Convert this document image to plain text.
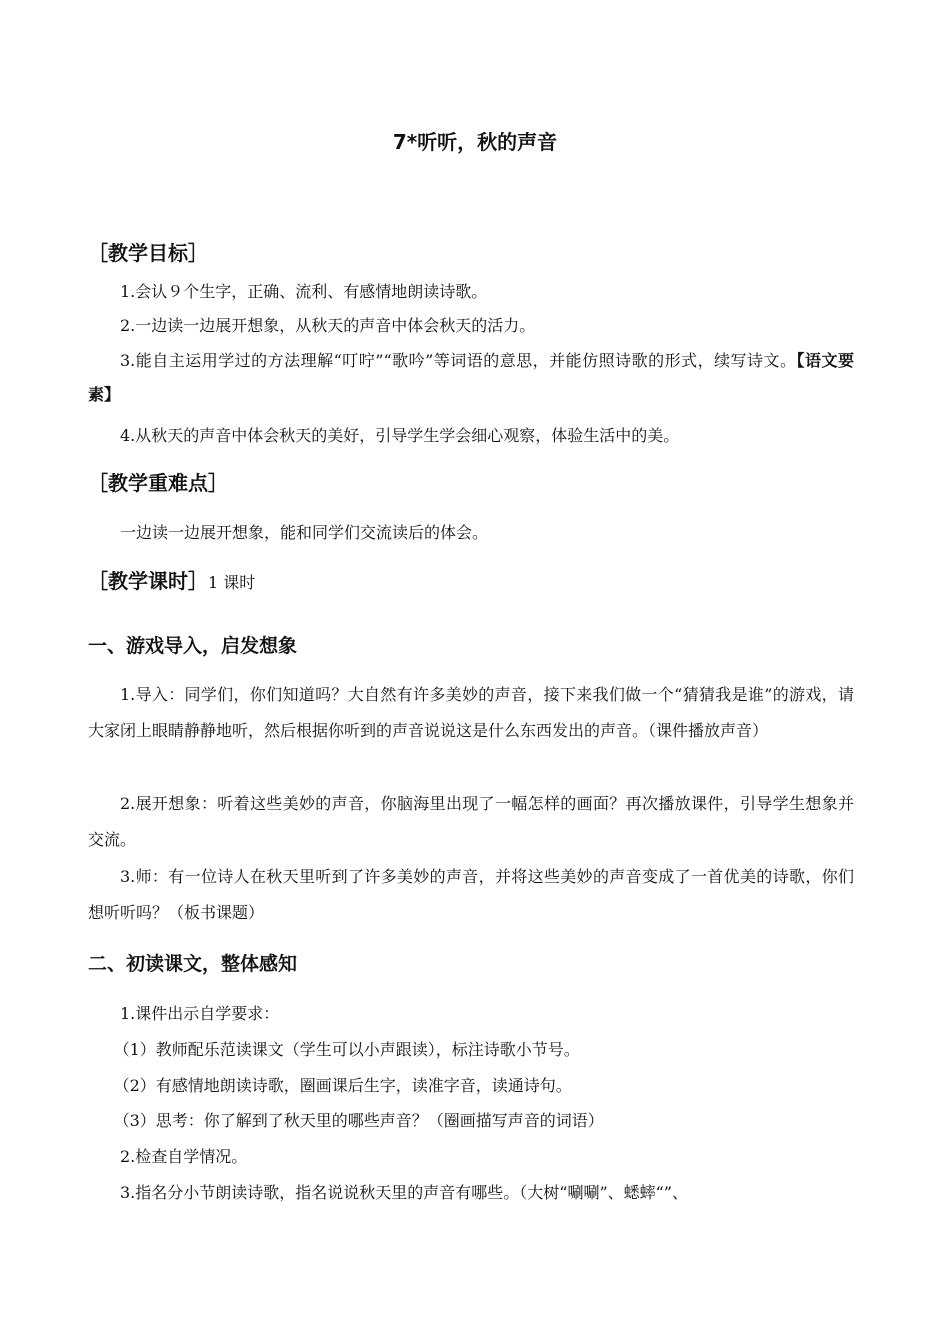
7*听听，秋的声音
［教学目标］
1.会认９个生字，正确、流利、有感情地朗读诗歌。
2.一边读一边展开想象，从秋天的声音中体会秋天的活力。
3.能自主运用学过的方法理解“叮咛”“歌吟”等词语的意思，并能仿照诗歌的形式，续写诗文。【语文要素】
4.从秋天的声音中体会秋天的美好，引导学生学会细心观察，体验生活中的美。
［教学重难点］
一边读一边展开想象，能和同学们交流读后的体会。
［教学课时］1 课时
一、游戏导入，启发想象
1.导入：同学们，你们知道吗？大自然有许多美妙的声音，接下来我们做一个“猜猜我是谁”的游戏，请大家闭上眼睛静静地听，然后根据你听到的声音说说这是什么东西发出的声音。（课件播放声音）
2.展开想象：听着这些美妙的声音，你脑海里出现了一幅怎样的画面？再次播放课件，引导学生想象并交流。
3.师：有一位诗人在秋天里听到了许多美妙的声音，并将这些美妙的声音变成了一首优美的诗歌，你们想听听吗？（板书课题）
二、初读课文，整体感知
1.课件出示自学要求：
（1）教师配乐范读课文（学生可以小声跟读），标注诗歌小节号。
（2）有感情地朗读诗歌，圈画课后生字，读准字音，读通诗句。
（3）思考：你了解到了秋天里的哪些声音？（圈画描写声音的词语）
2.检查自学情况。
3.指名分小节朗读诗歌，指名说说秋天里的声音有哪些。（大树“唰唰”、蟋蟀“”、
